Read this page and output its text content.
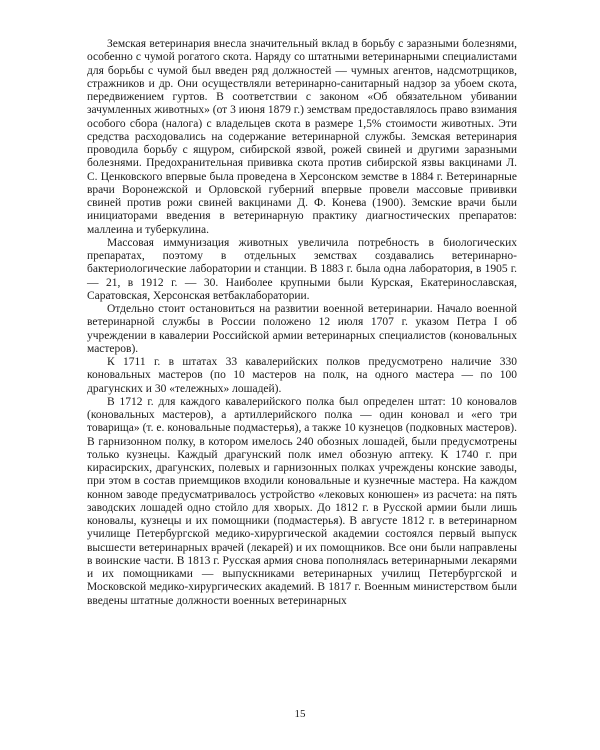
Земская ветеринария внесла значительный вклад в борьбу с заразными болезнями, особенно с чумой рогатого скота. Наряду со штатными ветеринарными специалистами для борьбы с чумой был введен ряд должностей — чумных агентов, надсмотрщиков, стражников и др. Они осуществляли ветеринарно-санитарный надзор за убоем скота, передвижением гуртов. В соответствии с законом «Об обязательном убивании зачумленных животных» (от 3 июня 1879 г.) земствам предоставлялось право взимания особого сбора (налога) с владельцев скота в размере 1,5% стоимости животных. Эти средства расходовались на содержание ветеринарной службы. Земская ветеринария проводила борьбу с ящуром, сибирской язвой, рожей свиней и другими заразными болезнями. Предохранительная прививка скота против сибирской язвы вакцинами Л. С. Ценковского впервые была проведена в Херсонском земстве в 1884 г. Ветеринарные врачи Воронежской и Орловской губерний впервые провели массовые прививки свиней против рожи свиней вакцинами Д. Ф. Конева (1900). Земские врачи были инициаторами введения в ветеринарную практику диагностических препаратов: маллеина и туберкулина.

Массовая иммунизация животных увеличила потребность в биологических препаратах, поэтому в отдельных земствах создавались ветеринарно-бактериологические лаборатории и станции. В 1883 г. была одна лаборатория, в 1905 г. — 21, в 1912 г. — 30. Наиболее крупными были Курская, Екатеринославская, Саратовская, Херсонская ветбаклаборатории.

Отдельно стоит остановиться на развитии военной ветеринарии. Начало военной ветеринарной службы в России положено 12 июля 1707 г. указом Петра I об учреждении в кавалерии Российской армии ветеринарных специалистов (коновальных мастеров).

К 1711 г. в штатах 33 кавалерийских полков предусмотрено наличие 330 коновальных мастеров (по 10 мастеров на полк, на одного мастера — по 100 драгунских и 30 «тележных» лошадей).

В 1712 г. для каждого кавалерийского полка был определен штат: 10 коновалов (коновальных мастеров), а артиллерийского полка — один коновал и «его три товарища» (т. е. коновальные подмастерья), а также 10 кузнецов (подковных мастеров). В гарнизонном полку, в котором имелось 240 обозных лошадей, были предусмотрены только кузнецы. Каждый драгунский полк имел обозную аптеку. К 1740 г. при кирасирских, драгунских, полевых и гарнизонных полках учреждены конские заводы, при этом в состав приемщиков входили коновальные и кузнечные мастера. На каждом конном заводе предусматривалось устройство «лековых конюшен» из расчета: на пять заводских лошадей одно стойло для хворых. До 1812 г. в Русской армии были лишь коновалы, кузнецы и их помощники (подмастерья). В августе 1812 г. в ветеринарном училище Петербургской медико-хирургической академии состоялся первый выпуск высшести ветеринарных врачей (лекарей) и их помощников. Все они были направлены в воинские части. В 1813 г. Русская армия снова пополнялась ветеринарными лекарями и их помощниками — выпускниками ветеринарных училищ Петербургской и Московской медико-хирургических академий. В 1817 г. Военным министерством были введены штатные должности военных ветеринарных

15
